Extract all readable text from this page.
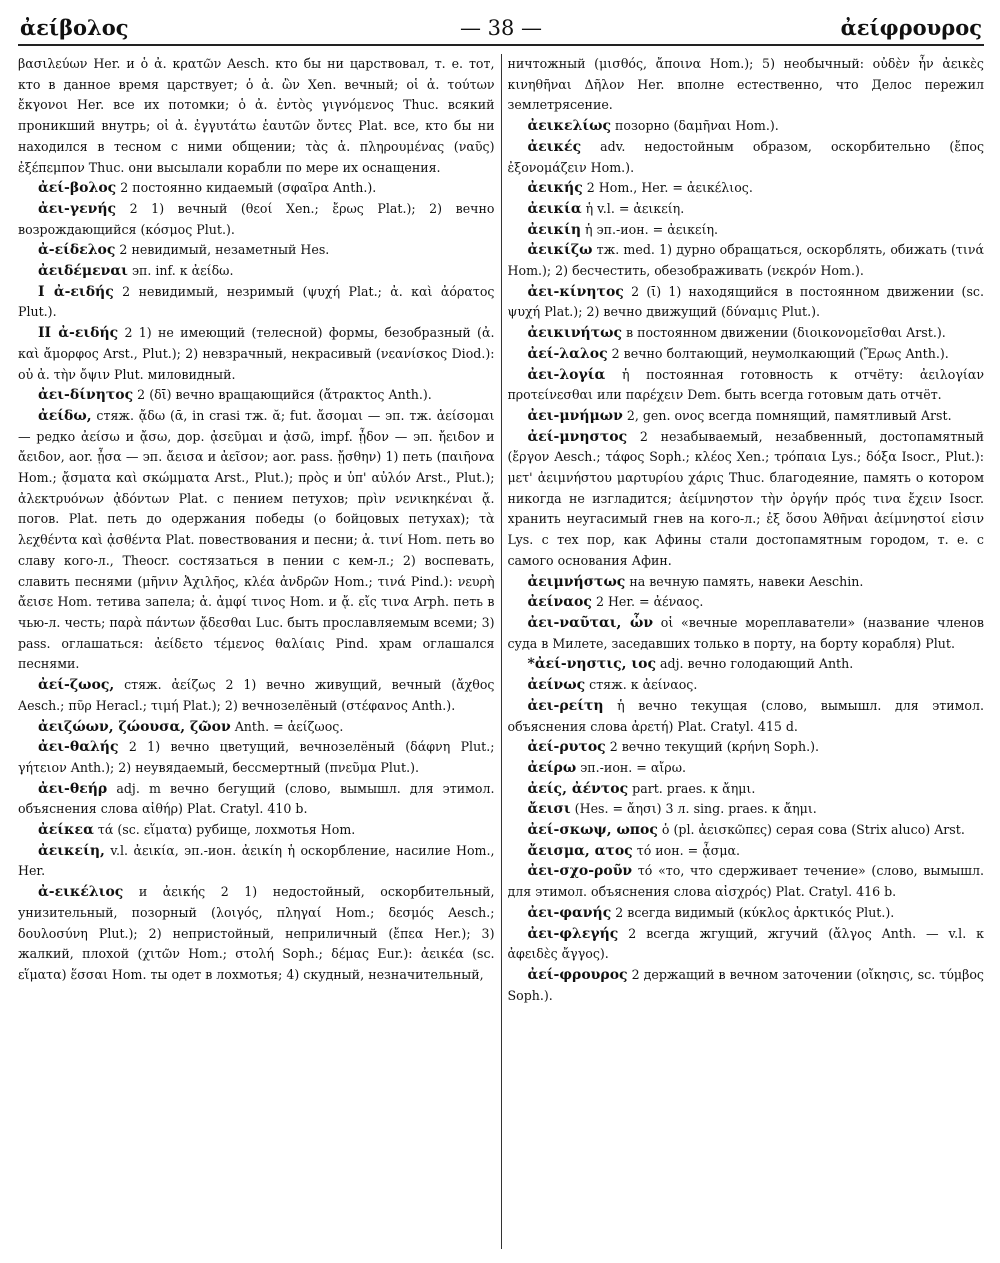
ἀείβολος	— 38 —	ἀείφρουρος

βασιλεύων Her. и ὁ ἀ. κρατῶν Aesch. кто бы ни царствовал, т. е. тот, кто в данное время царствует; ὁ ἀ. ὢν Xen. вечный; οἱ ἀ. τούτων ἔκγονοι Her. все их потомки; ὁ ἀ. ἐντὸς γιγνόμενος Thuc. всякий проникший внутрь; οἱ ἀ. ἐγγυτάτω ἑαυτῶν ὄντες Plat. все, кто бы ни находился в тесном с ними общении; τὰς ἀ. πληρουμένας (ναῦς) ἐξέπεμπον Thuc. они высылали корабли по мере их оснащения.

ἀεί-βολος 2 постоянно кидаемый (σφαῖρα Anth.).

ἀει-γενής 2 1) вечный (θεοί Xen.; ἔρως Plat.); 2) вечно возрождающийся (κόσμος Plut.).

ἀ-είδελος 2 невидимый, незаметный Hes.

ἀειδέμεναι эп. inf. к ἀείδω.

I ἀ-ειδής 2 невидимый, незримый (ψυχή Plat.; ἀ. καὶ ἀόρατος Plut.).

II ἀ-ειδής 2 1) не имеющий (телесной) формы, безобразный (ἀ. καὶ ἄμορφος Arst., Plut.); 2) невзрачный, некрасивый (νεανίσκος Diod.): οὐ ἀ. τὴν ὄψιν Plut. миловидный.

ἀει-δίνητος 2 (δῑ) вечно вращающийся (ἄτρακτος Anth.).

ἀείδω, стяж. ᾄδω (ᾱ, in crasi тж. ᾰ; fut. ἄσομαι — эп. тж. ἀείσομαι — редко ἀείσω и ᾄσω, дор. ᾀσεῦμαι и ᾀσῶ, impf. ᾖδον — эп. ἤειδον и ἄειδον, aor. ᾖσα — эп. ἄεισα и ἀεῖσον; aor. pass. ᾔσθην) 1) петь (παιῆονα Hom.; ᾄσματα καὶ σκώμματα Arst., Plut.); πρὸς и ὑπ' αὐλόν Arst., Plut.); ἀλεκτρυόνων ᾀδόντων Plat. с пением петухов; πρὶν νενικηκέναι ᾄ. погов. Plat. петь до одержания победы (о бойцовых петухах); τὰ λεχθέντα καὶ ᾀσθέντα Plat. повествования и песни; ἀ. τινί Hom. петь во славу кого-л., Theocr. состязаться в пении с кем-л.; 2) воспевать, славить песнями (μῆνιν Ἀχιλῆος, κλέα ἀνδρῶν Hom.; τινά Pind.): νευρὴ ἄεισε Hom. тетива запела; ἀ. ἀμφί τινος Hom. и ᾄ. εἴς τινα Arph. петь в чью-л. честь; παρὰ πάντων ᾄδεσθαι Luc. быть прославляемым всеми; 3) pass. оглашаться: ἀείδετο τέμενος θαλίαις Pind. храм оглашался песнями.

ἀεί-ζωος, стяж. ἀείζως 2 1) вечно живущий, вечный (ἄχθος Aesch.; πῦρ Heracl.; τιμή Plat.); 2) вечнозелёный (στέφανος Anth.).

ἀειζώων, ζώουσα, ζῶον Anth. = ἀείζωος.

ἀει-θαλής 2 1) вечно цветущий, вечнозелёный (δάφνη Plut.; γήτειον Anth.); 2) неувядаемый, бессмертный (πνεῦμα Plut.).

ἀει-θεήρ adj. m вечно бегущий (слово, вымышл. для этимол. объяснения слова αἰθήρ) Plat. Cratyl. 410 b.

ἀείκεα τά (sc. εἵματα) рубище, лохмотья Hom.

ἀεικείη, v.l. ἀεικία, эп.-ион. ἀεικίη ἡ оскорбление, насилие Hom., Her.

ἀ-εικέλιος и ἀεικής 2 1) недостойный, оскорбительный, унизительный, позорный (λοιγός, πληγαί Hom.; δεσμός Aesch.; δουλοσύνη Plut.); 2) непристойный, неприличный (ἔπεα Her.); 3) жалкий, плохой (χιτῶν Hom.; στολή Soph.; δέμας Eur.): ἀεικέα (sc. εἵματα) ἕσσαι Hom. ты одет в лохмотья; 4) скудный, незначительный,

ничтожный (μισθός, ἄποινα Hom.); 5) необычный: οὐδὲν ἦν ἀεικὲς κινηθῆναι Δῆλον Her. вполне естественно, что Делос пережил землетрясение.

ἀεικελίως позорно (δαμῆναι Hom.).

ἀεικές adv. недостойным образом, оскорбительно (ἔπος ἐξονομάζειν Hom.).

ἀεικής 2 Hom., Her. = ἀεικέλιος.

ἀεικία ἡ v.l. = ἀεικείη.

ἀεικίη ἡ эп.-ион. = ἀεικείη.

ἀεικίζω тж. med. 1) дурно обращаться, оскорблять, обижать (τινά Hom.); 2) бесчестить, обезображивать (νεκρόν Hom.).

ἀει-κίνητος 2 (ῑ) 1) находящийся в постоянном движении (sc. ψυχή Plat.); 2) вечно движущий (δύναμις Plut.).

ἀεικινήτως в постоянном движении (διοικονομεῖσθαι Arst.).

ἀεί-λαλος 2 вечно болтающий, неумолкающий (Ἔρως Anth.).

ἀει-λογία ἡ постоянная готовность к отчёту: ἀειλογίαν προτείνεσθαι или παρέχειν Dem. быть всегда готовым дать отчёт.

ἀει-μνήμων 2, gen. ονος всегда помнящий, памятливый Arst.

ἀεί-μνηστος 2 незабываемый, незабвенный, достопамятный (ἔργον Aesch.; τάφος Soph.; κλέος Xen.; τρόπαια Lys.; δόξα Isocr., Plut.): μετ' ἀειμνήστου μαρτυρίου χάρις Thuc. благодеяние, память о котором никогда не изгладится; ἀείμνηστον τὴν ὀργήν πρός τινα ἔχειν Isocr. хранить неугасимый гнев на кого-л.; ἐξ ὅσου Ἀθῆναι ἀείμνηστοί εἰσιν Lys. с тех пор, как Афины стали достопамятным городом, т. е. с самого основания Афин.

ἀειμνήστως на вечную память, навеки Aeschin.

ἀείναος 2 Her. = ἀέναος.

ἀει-ναῦται, ὧν οἱ «вечные мореплаватели» (название членов суда в Милете, заседавших только в порту, на борту корабля) Plut.

*ἀεί-νηστις, ιος adj. вечно голодающий Anth.

ἀείνως стяж. к ἀείναος.

ἀει-ρείτη ἡ вечно текущая (слово, вымышл. для этимол. объяснения слова ἀρετή) Plat. Cratyl. 415 d.

ἀεί-ρυτος 2 вечно текущий (κρήνη Soph.).

ἀείρω эп.-ион. = αἴρω.

ἀείς, ἀέντος part. praes. к ἄημι.

ἄεισι (Hes. = ἄησι) 3 л. sing. praes. к ἄημι.

ἀεί-σκωψ, ωπος ὁ (pl. ἀεισκῶπες) серая сова (Strix aluco) Arst.

ἄεισμα, ατος τό ион. = ᾆσμα.

ἀει-σχο-ροῦν τό «то, что сдерживает течение» (слово, вымышл. для этимол. объяснения слова αἰσχρός) Plat. Cratyl. 416 b.

ἀει-φανής 2 всегда видимый (κύκλος ἀρκτικός Plut.).

ἀει-φλεγής 2 всегда жгущий, жгучий (ἄλγος Anth. — v.l. к ἀφειδὲς ἄγγος).

ἀεί-φρουρος 2 держащий в вечном заточении (οἴκησις, sc. τύμβος Soph.).
